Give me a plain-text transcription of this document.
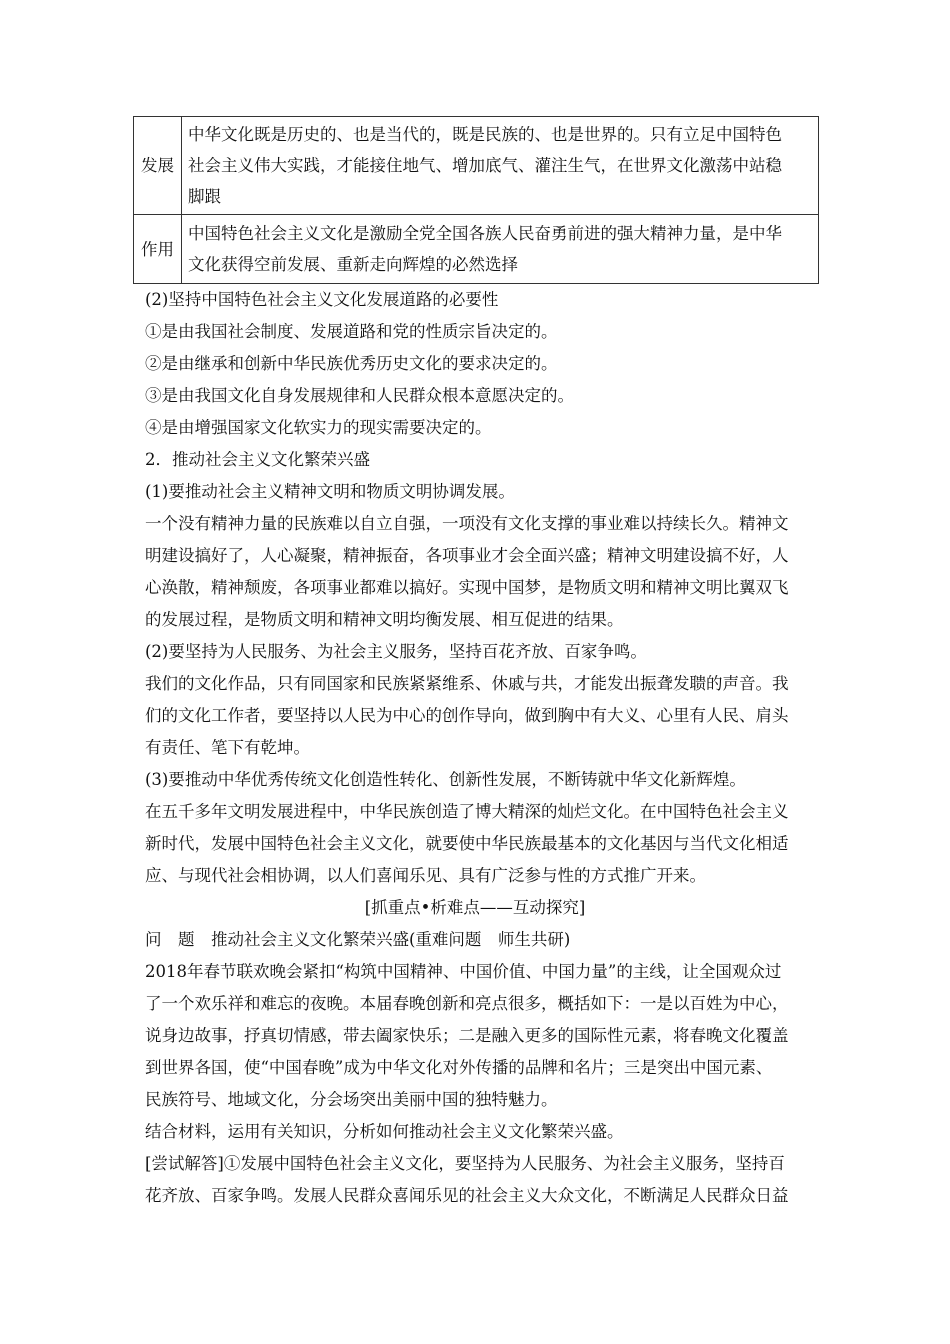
发展	中华文化既是历史的、也是当代的，既是民族的、也是世界的。只有立足中国特色
社会主义伟大实践，才能接住地气、增加底气、灌注生气，在世界文化激荡中站稳
脚跟

作用	中国特色社会主义文化是激励全党全国各族人民奋勇前进的强大精神力量，是中华
文化获得空前发展、重新走向辉煌的必然选择
(2)坚持中国特色社会主义文化发展道路的必要性
①是由我国社会制度、发展道路和党的性质宗旨决定的。
②是由继承和创新中华民族优秀历史文化的要求决定的。
③是由我国文化自身发展规律和人民群众根本意愿决定的。
④是由增强国家文化软实力的现实需要决定的。
2．推动社会主义文化繁荣兴盛
(1)要推动社会主义精神文明和物质文明协调发展。
一个没有精神力量的民族难以自立自强，一项没有文化支撑的事业难以持续长久。精神文
明建设搞好了，人心凝聚，精神振奋，各项事业才会全面兴盛；精神文明建设搞不好，人
心涣散，精神颓废，各项事业都难以搞好。实现中国梦，是物质文明和精神文明比翼双飞
的发展过程，是物质文明和精神文明均衡发展、相互促进的结果。
(2)要坚持为人民服务、为社会主义服务，坚持百花齐放、百家争鸣。
我们的文化作品，只有同国家和民族紧紧维系、休戚与共，才能发出振聋发聩的声音。我
们的文化工作者，要坚持以人民为中心的创作导向，做到胸中有大义、心里有人民、肩头
有责任、笔下有乾坤。
(3)要推动中华优秀传统文化创造性转化、创新性发展，不断铸就中华文化新辉煌。
在五千多年文明发展进程中，中华民族创造了博大精深的灿烂文化。在中国特色社会主义
新时代，发展中国特色社会主义文化，就要使中华民族最基本的文化基因与当代文化相适
应、与现代社会相协调，以人们喜闻乐见、具有广泛参与性的方式推广开来。
[抓重点•析难点——互动探究]
问　题　推动社会主义文化繁荣兴盛(重难问题　师生共研)
2018年春节联欢晚会紧扣“构筑中国精神、中国价值、中国力量”的主线，让全国观众过
了一个欢乐祥和难忘的夜晚。本届春晚创新和亮点很多，概括如下：一是以百姓为中心，
说身边故事，抒真切情感，带去阖家快乐；二是融入更多的国际性元素，将春晚文化覆盖
到世界各国，使“中国春晚”成为中华文化对外传播的品牌和名片；三是突出中国元素、
民族符号、地域文化，分会场突出美丽中国的独特魅力。
结合材料，运用有关知识，分析如何推动社会主义文化繁荣兴盛。
[尝试解答]①发展中国特色社会主义文化，要坚持为人民服务、为社会主义服务，坚持百
花齐放、百家争鸣。发展人民群众喜闻乐见的社会主义大众文化，不断满足人民群众日益
